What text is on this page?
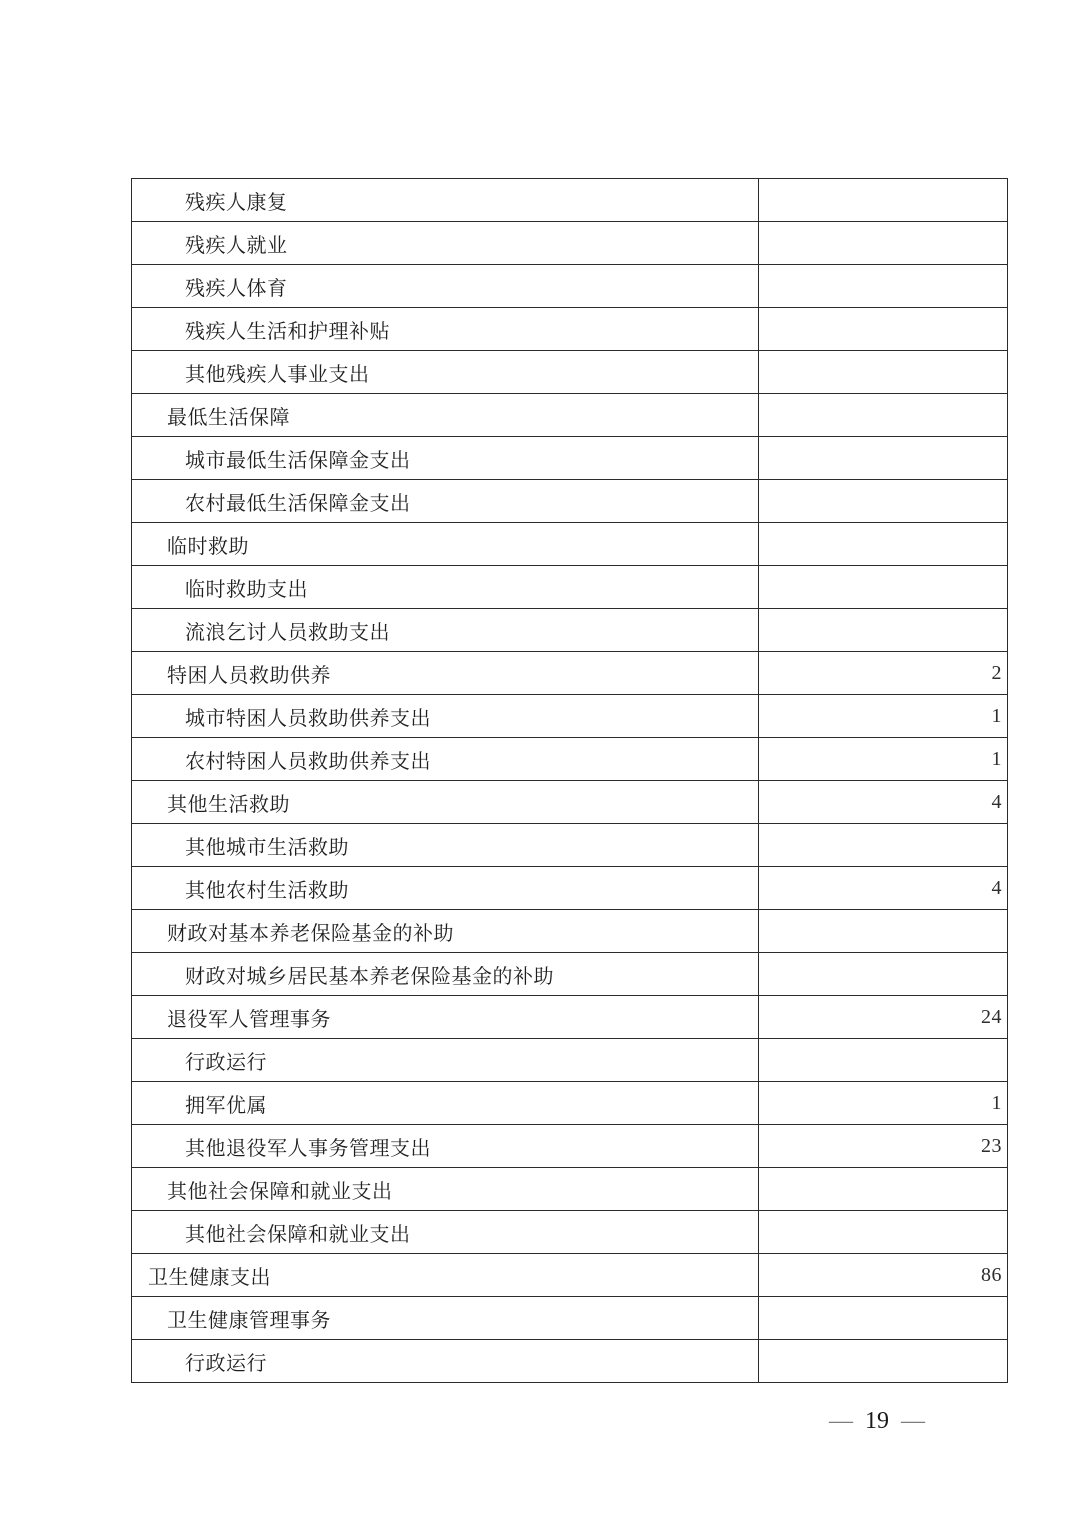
残疾人康复	
残疾人就业	
残疾人体育	
残疾人生活和护理补贴	
其他残疾人事业支出	
最低生活保障	
城市最低生活保障金支出	
农村最低生活保障金支出	
临时救助	
临时救助支出	
流浪乞讨人员救助支出	
特困人员救助供养	2
城市特困人员救助供养支出	1
农村特困人员救助供养支出	1
其他生活救助	4
其他城市生活救助	
其他农村生活救助	4
财政对基本养老保险基金的补助	
财政对城乡居民基本养老保险基金的补助	
退役军人管理事务	24
行政运行	
拥军优属	1
其他退役军人事务管理支出	23
其他社会保障和就业支出	
其他社会保障和就业支出	
卫生健康支出	86
卫生健康管理事务	
行政运行	
— 19 —
